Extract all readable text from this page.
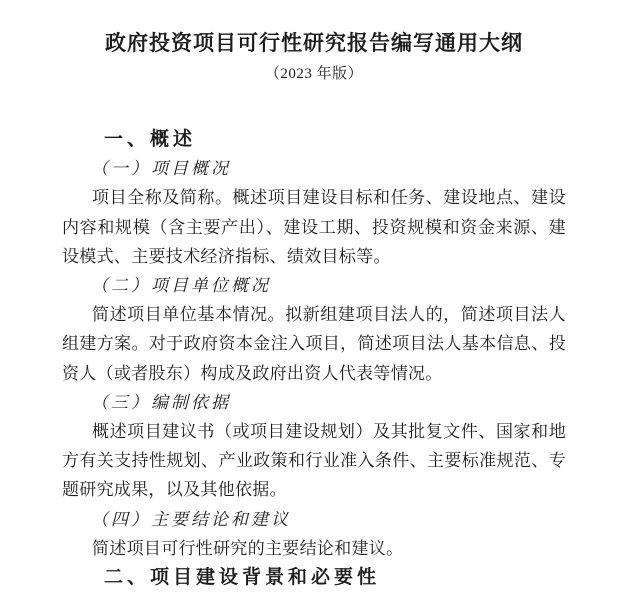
政府投资项目可行性研究报告编写通用大纲
（2023 年版）
一、概述
（一）项目概况
项目全称及简称。概述项目建设目标和任务、建设地点、建设内容和规模（含主要产出）、建设工期、投资规模和资金来源、建设模式、主要技术经济指标、绩效目标等。
（二）项目单位概况
简述项目单位基本情况。拟新组建项目法人的，简述项目法人组建方案。对于政府资本金注入项目，简述项目法人基本信息、投资人（或者股东）构成及政府出资人代表等情况。
（三）编制依据
概述项目建议书（或项目建设规划）及其批复文件、国家和地方有关支持性规划、产业政策和行业准入条件、主要标准规范、专题研究成果，以及其他依据。
（四）主要结论和建议
简述项目可行性研究的主要结论和建议。
二、项目建设背景和必要性
